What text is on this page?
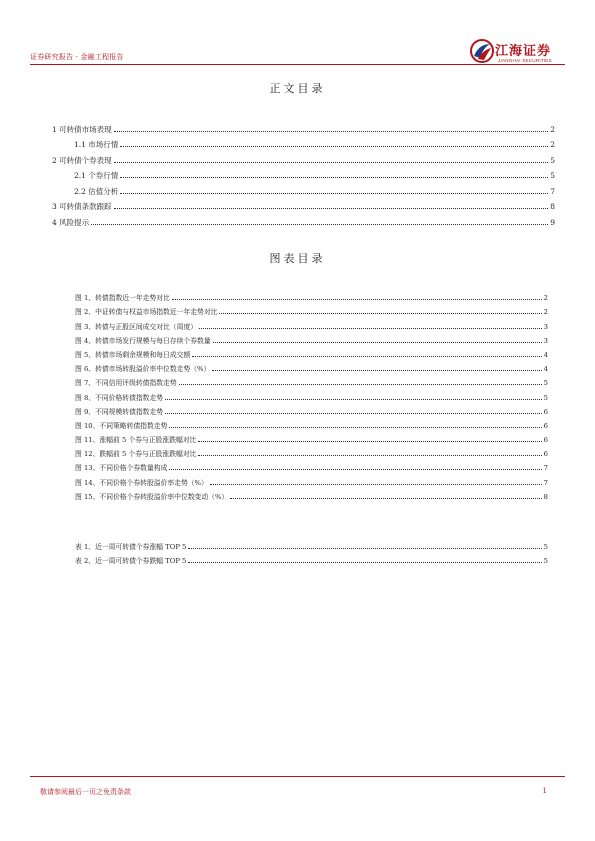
证券研究报告 · 金融工程报告	江海证券
JIANGHAI SECURITIES
正文目录
1 可转债市场表现	2
1.1 市场行情	2
2 可转债个券表现	5
2.1 个券行情	5
2.2 估值分析	7
3 可转债条款跟踪	8
4 风险提示	9
图表目录
图 1、转债指数近一年走势对比	2
图 2、中证转债与权益市场指数近一年走势对比	2
图 3、转债与正股区间成交对比（周度）	3
图 4、转债市场发行规模与每日存续个券数量	3
图 5、转债市场剩余规模和每日成交额	4
图 6、转债市场转股溢价率中位数走势（%）	4
图 7、不同信用评级转债指数走势	5
图 8、不同价格转债指数走势	5
图 9、不同规模转债指数走势	6
图 10、不同策略转债指数走势	6
图 11、涨幅前 5 个券与正股涨跌幅对比	6
图 12、跌幅前 5 个券与正股涨跌幅对比	6
图 13、不同价格个券数量构成	7
图 14、不同价格个券转股溢价率走势（%）	7
图 15、不同价格个券转股溢价率中位数变动（%）	8
表 1、近一周可转债个券涨幅 TOP 5	5
表 2、近一周可转债个券跌幅 TOP 5	5
敬请参阅最后一页之免责条款	1
